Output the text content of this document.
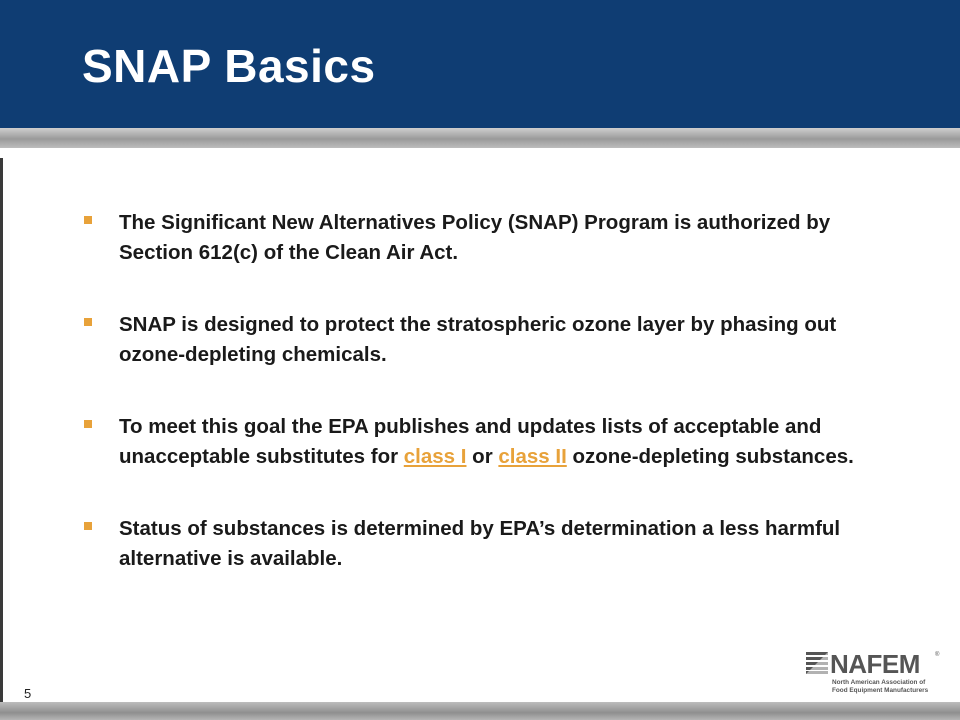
SNAP Basics
The Significant New Alternatives Policy (SNAP) Program is authorized by Section 612(c) of the Clean Air Act.
SNAP is designed to protect the stratospheric ozone layer by phasing out ozone-depleting chemicals.
To meet this goal the EPA publishes and updates lists of acceptable and unacceptable substitutes for class I or class II ozone-depleting substances.
Status of substances is determined by EPA’s determination a less harmful alternative is available.
5
NAFEM	®
North American Association of
Food Equipment Manufacturers
